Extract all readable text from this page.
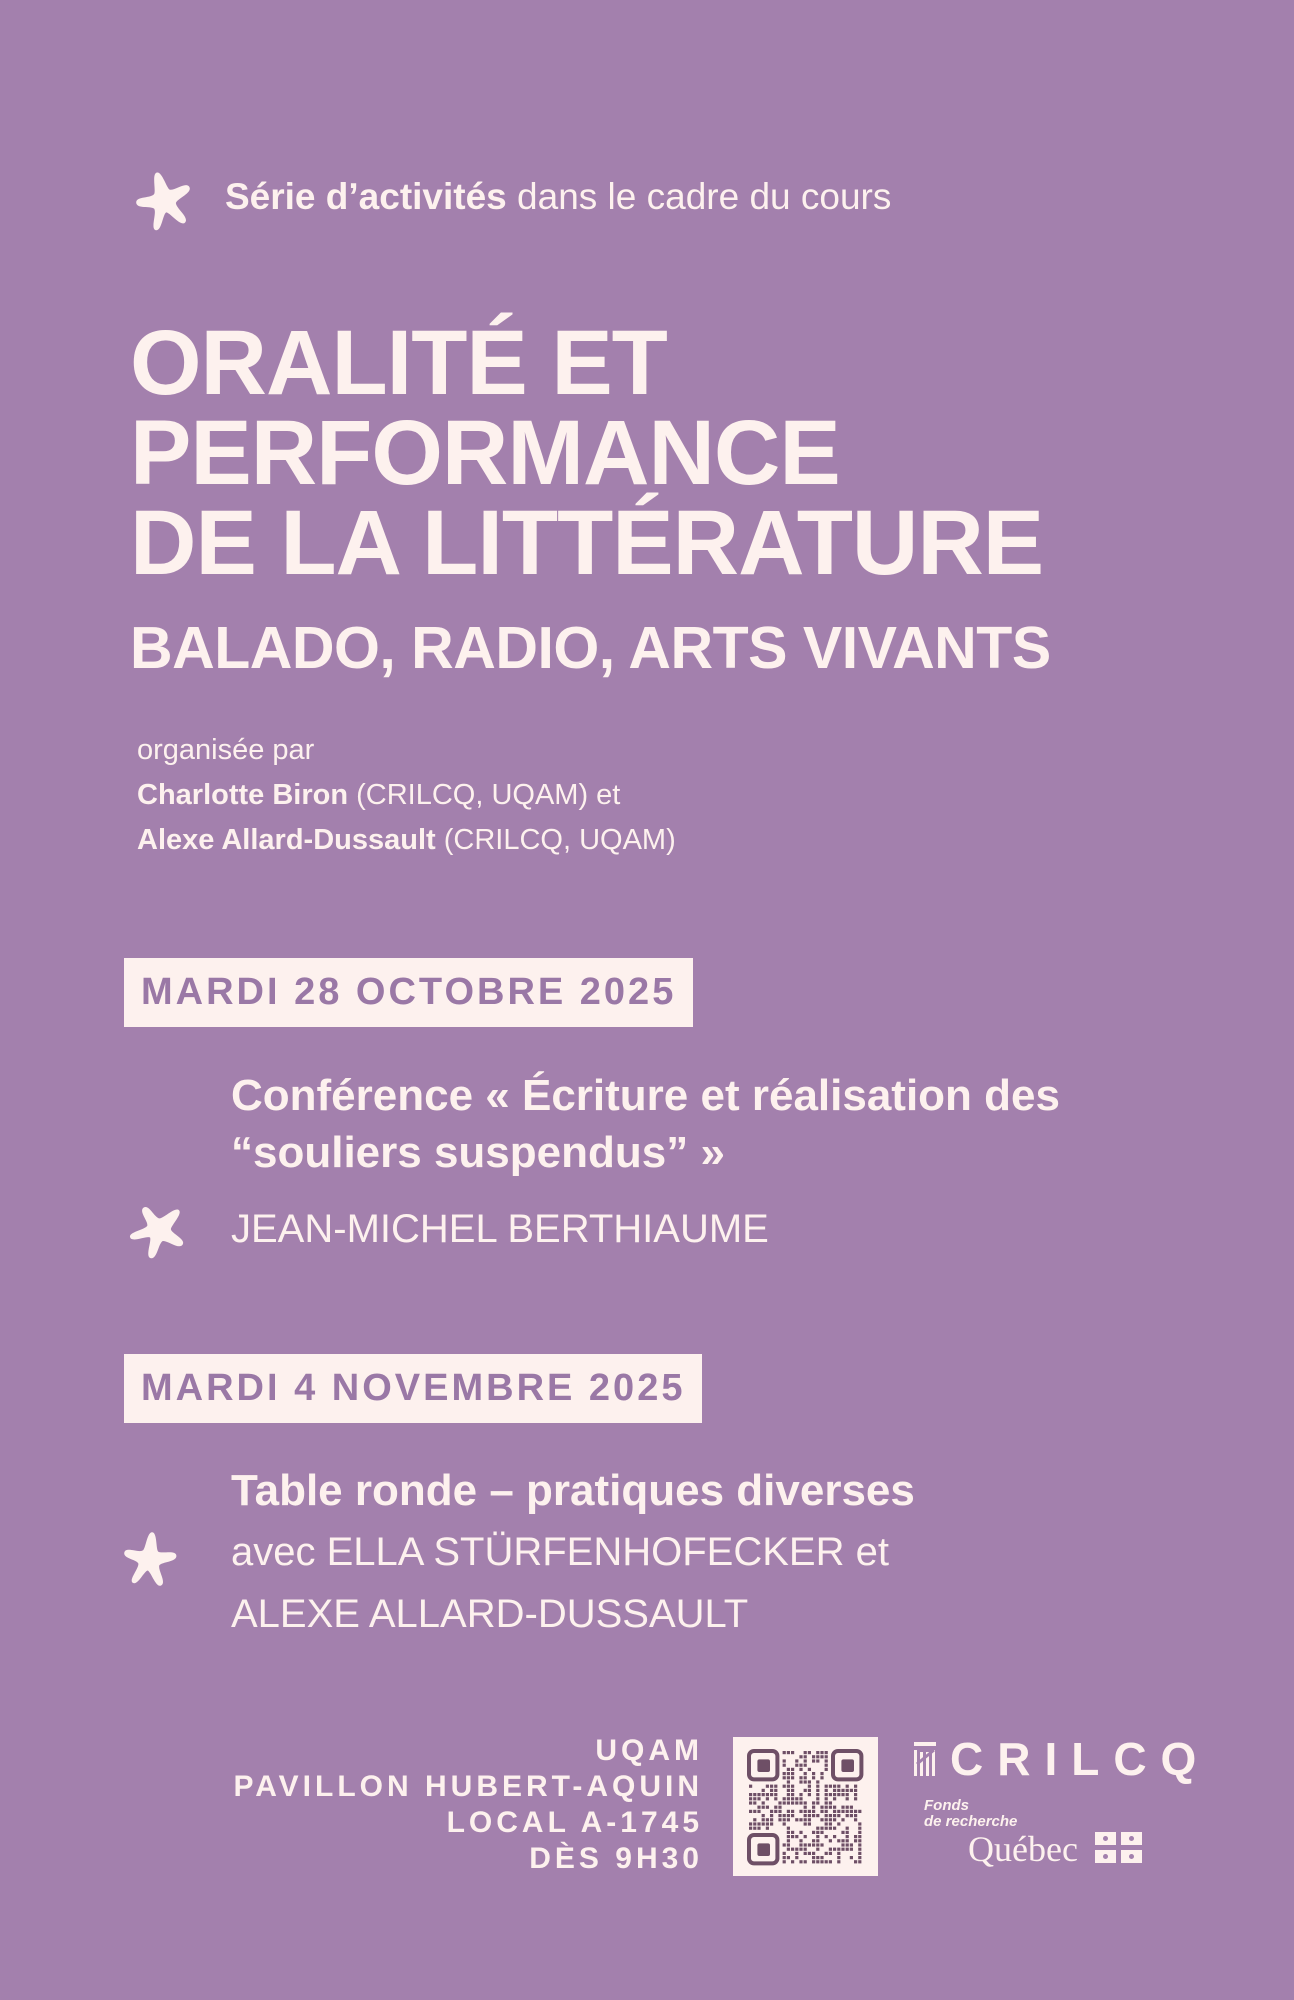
Série d’activités dans le cadre du cours
ORALITÉ ET
PERFORMANCE
DE LA LITTÉRATURE
BALADO, RADIO, ARTS VIVANTS
organisée par
Charlotte Biron (CRILCQ, UQAM) et
Alexe Allard-Dussault (CRILCQ, UQAM)
MARDI 28 OCTOBRE 2025
Conférence « Écriture et réalisation des
“souliers suspendus” »
JEAN-MICHEL BERTHIAUME
MARDI 4 NOVEMBRE 2025
Table ronde – pratiques diverses
avec ELLA STÜRFENHOFECKER et
ALEXE ALLARD-DUSSAULT
UQAM
PAVILLON HUBERT-AQUIN
LOCAL A-1745
DÈS 9H30
CRILCQ
Fonds
de recherche
Québec
